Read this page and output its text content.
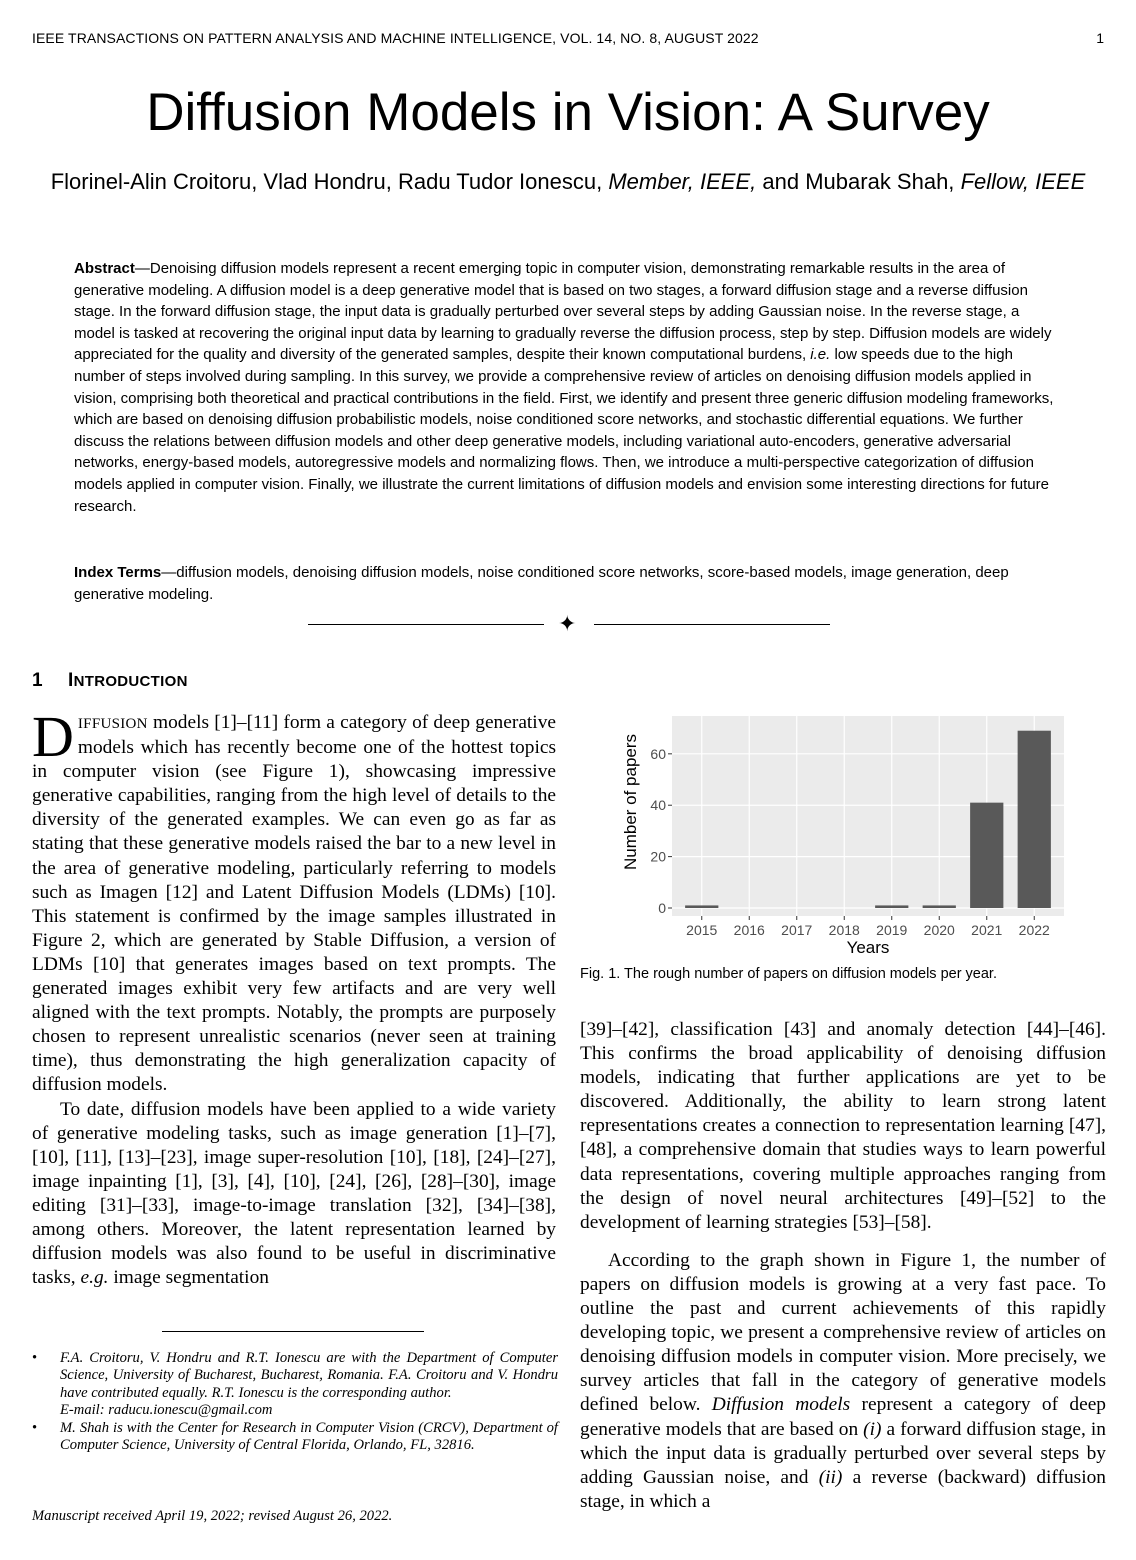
IEEE TRANSACTIONS ON PATTERN ANALYSIS AND MACHINE INTELLIGENCE, VOL. 14, NO. 8, AUGUST 2022	1
Diffusion Models in Vision: A Survey
Florinel-Alin Croitoru, Vlad Hondru, Radu Tudor Ionescu, Member, IEEE, and Mubarak Shah, Fellow, IEEE

Abstract—Denoising diffusion models represent a recent emerging topic in computer vision, demonstrating remarkable results in the area of generative modeling. A diffusion model is a deep generative model that is based on two stages, a forward diffusion stage and a reverse diffusion stage. In the forward diffusion stage, the input data is gradually perturbed over several steps by adding Gaussian noise. In the reverse stage, a model is tasked at recovering the original input data by learning to gradually reverse the diffusion process, step by step. Diffusion models are widely appreciated for the quality and diversity of the generated samples, despite their known computational burdens, i.e. low speeds due to the high number of steps involved during sampling. In this survey, we provide a comprehensive review of articles on denoising diffusion models applied in vision, comprising both theoretical and practical contributions in the field. First, we identify and present three generic diffusion modeling frameworks, which are based on denoising diffusion probabilistic models, noise conditioned score networks, and stochastic differential equations. We further discuss the relations between diffusion models and other deep generative models, including variational auto-encoders, generative adversarial networks, energy-based models, autoregressive models and normalizing flows. Then, we introduce a multi-perspective categorization of diffusion models applied in computer vision. Finally, we illustrate the current limitations of diffusion models and envision some interesting directions for future research.

Index Terms—diffusion models, denoising diffusion models, noise conditioned score networks, score-based models, image generation, deep generative modeling.

✦
1 INTRODUCTION

DIFFUSION models [1]–[11] form a category of deep generative models which has recently become one of the hottest topics in computer vision (see Figure 1), showcasing impressive generative capabilities, ranging from the high level of details to the diversity of the generated examples. We can even go as far as stating that these generative models raised the bar to a new level in the area of generative modeling, particularly referring to models such as Imagen [12] and Latent Diffusion Models (LDMs) [10]. This statement is confirmed by the image samples illustrated in Figure 2, which are generated by Stable Diffusion, a version of LDMs [10] that generates images based on text prompts. The generated images exhibit very few artifacts and are very well aligned with the text prompts. Notably, the prompts are purposely chosen to represent unrealistic scenarios (never seen at training time), thus demonstrating the high generalization capacity of diffusion models.

To date, diffusion models have been applied to a wide variety of generative modeling tasks, such as image generation [1]–[7], [10], [11], [13]–[23], image super-resolution [10], [18], [24]–[27], image inpainting [1], [3], [4], [10], [24], [26], [28]–[30], image editing [31]–[33], image-to-image translation [32], [34]–[38], among others. Moreover, the latent representation learned by diffusion models was also found to be useful in discriminative tasks, e.g. image segmentation

0
20
40
60
2015 2016 2017 2018 2019 2020 2021 2022
Years
Number of papers

Fig. 1. The rough number of papers on diffusion models per year.

[39]–[42], classification [43] and anomaly detection [44]–[46]. This confirms the broad applicability of denoising diffusion models, indicating that further applications are yet to be discovered. Additionally, the ability to learn strong latent representations creates a connection to representation learning [47], [48], a comprehensive domain that studies ways to learn powerful data representations, covering multiple approaches ranging from the design of novel neural architectures [49]–[52] to the development of learning strategies [53]–[58].

According to the graph shown in Figure 1, the number of papers on diffusion models is growing at a very fast pace. To outline the past and current achievements of this rapidly developing topic, we present a comprehensive review of articles on denoising diffusion models in computer vision. More precisely, we survey articles that fall in the category of generative models defined below. Diffusion models represent a category of deep generative models that are based on (i) a forward diffusion stage, in which the input data is gradually perturbed over several steps by adding Gaussian noise, and (ii) a reverse (backward) diffusion stage, in which a

• F.A. Croitoru, V. Hondru and R.T. Ionescu are with the Department of Computer Science, University of Bucharest, Bucharest, Romania. F.A. Croitoru and V. Hondru have contributed equally. R.T. Ionescu is the corresponding author.
E-mail: raducu.ionescu@gmail.com

• M. Shah is with the Center for Research in Computer Vision (CRCV), Department of Computer Science, University of Central Florida, Orlando, FL, 32816.

Manuscript received April 19, 2022; revised August 26, 2022.
